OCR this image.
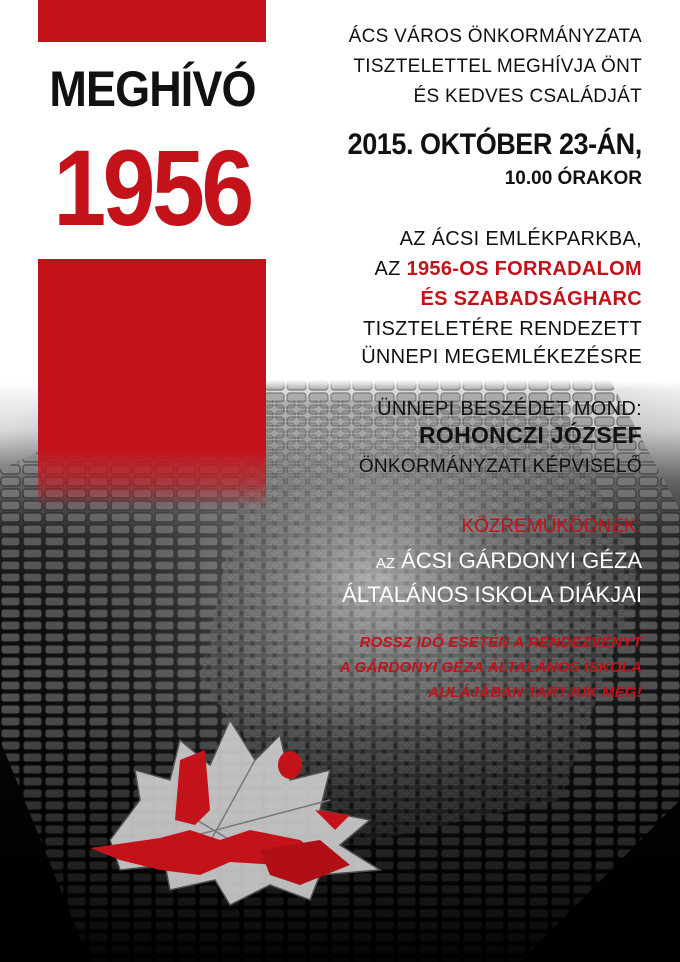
MEGHÍVÓ
1956
ÁCS VÁROS ÖNKORMÁNYZATA
TISZTELETTEL MEGHÍVJA ÖNT
ÉS KEDVES CSALÁDJÁT
2015. OKTÓBER 23-ÁN,
10.00 ÓRAKOR
AZ ÁCSI EMLÉKPARKBA,
AZ 1956-OS FORRADALOM
ÉS SZABADSÁGHARC
TISZTELETÉRE RENDEZETT
ÜNNEPI MEGEMLÉKEZÉSRE
ÜNNEPI BESZÉDET MOND:
ROHONCZI JÓZSEF
ÖNKORMÁNYZATI KÉPVISELŐ
KÖZREMŰKÖDNEK:
AZ ÁCSI GÁRDONYI GÉZA
ÁLTALÁNOS ISKOLA DIÁKJAI
ROSSZ IDŐ ESETÉN A RENDEZVÉNYT
A GÁRDONYI GÉZA ÁLTALÁNOS ISKOLA
AULÁJÁBAN TARTJUK MEG!
